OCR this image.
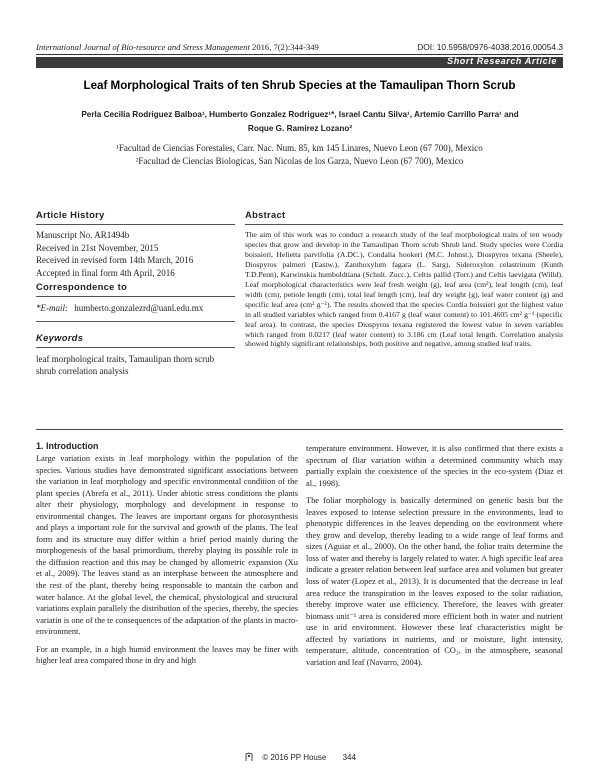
International Journal of Bio-resource and Stress Management 2016, 7(2):344-349	DOI: 10.5958/0976-4038.2016.00054.3
Short Research Article
Leaf Morphological Traits of ten Shrub Species at the Tamaulipan Thorn Scrub
Perla Cecilia Rodriguez Balboa¹, Humberto Gonzalez Rodriguez¹*, Israel Cantu Silva¹, Artemio Carrillo Parra¹ and
Roque G. Ramirez Lozano²
¹Facultad de Ciencias Forestales, Carr. Nac. Num. 85, km 145 Linares, Nuevo Leon (67 700), Mexico
²Facultad de Ciencias Biologicas, San Nicolas de los Garza, Nuevo Leon (67 700), Mexico
Article History
Manuscript No. AR1494b
Received in 21st November, 2015
Received in revised form 14th March, 2016
Accepted in final form 4th April, 2016
Correspondence to
*E-mail: humberto.gonzalezrd@uanl.edu.mx
Keywords
leaf morphological traits, Tamaulipan thorn scrub shrub correlation analysis
Abstract
The aim of this work was to conduct a research study of the leaf morphological traits of ten woody species that grow and develop in the Tamaulipan Thorn scrub Shrub land. Study species were Cordia boissieri, Helietta parvifolia (A.DC.), Condalia hookeri (M.C. Johnst.), Diospyros texana (Sheele), Diospyros palmeri (Eastw.), Zanthoxylum fagara (L. Sarg), Sideroxylon celastrinum (Kunth T.D.Penn), Karwinskia humboldtiana (Schult. Zucc.), Celtis pallid (Torr.) and Celtis laevigata (Willd). Leaf morphological characteristics were leaf fresh weight (g), leaf area (cm²), leaf length (cm), leaf width (cm), petiole length (cm), total leaf length (cm), leaf dry weight (g), leaf water content (g) and specific leaf area (cm² g⁻¹). The results showed that the species Cordia boissieri got the highest value in all studied variables which ranged from 0.4167 g (leaf water content) to 101.4605 cm² g⁻¹ (specific leaf area). In contrast, the species Diospyros texana registered the lowest value in seven variables which ranged from 0.0217 (leaf water content) to 3.186 cm (Leaf total length. Correlation analysis showed highly significant relationships, both positive and negative, among studied leaf traits.
1. Introduction

Large variation exists in leaf morphology within the population of the species. Various studies have demonstrated significant associations between the variation in leaf morphology and specific environmental condition of the plant species (Abrefa et al., 2011). Under abiotic stress conditions the plants alter their physiology, morphology and development in response to environmental changes. The leaves are important organs for photosynthesis and plays a important role for the survival and growth of the plants. The leaf form and its structure may differ within a brief period mainly during the morphogenesis of the basal primordium, thereby playing its possible role in the diffusion reaction and this may be changed by allometric expansion (Xu et al., 2009). The leaves stand as an interphase between the atmosphere and the rest of the plant, thereby being responsable to mantain the carbon and water balance. At the global level, the chemical, physiological and structural variations explain parallely the distribution of the species, thereby, the species variatin is one of the te consequences of the adaptation of the plants in macro-environment.

For an example, in a high humid environment the leaves may be finer with higher leaf area compared those in dry and high

temperature environment. However, it is also confirmed that there exists a spectrum of fliar variation within a determined community which may partially explain the coexistence of the species in the eco-system (Diaz et al., 1998).

The foliar morphology is basically determined on genetic basis but the leaves exposed to intense selection pressure in the environments, lead to phenotypic differences in the leaves depending on the environment where they grow and develop, thereby leading to a wide range of leaf forms and sizes (Aguiar et al., 2000). On the other hand, the foliar traits determine the loss of water and thereby is largely related to water. A high specific leaf area indicate a greater relation between leaf surface area and volumen but greater loss of water (Lopez et al., 2013). It is documented that the decrease in leaf area reduce the transpiration in the leaves exposed to the solar radiation, thereby improve water use efficiency. Therefore, the leaves with greater biomass unit⁻¹ area is considered more efficient both in water and nutrient use in arid environment. However these leaf characteristics might be affected by variations in nutrients, and or moisture, light intensity, temperature, altitude, concentration of CO₂, in the atmosphere, seasonal variation and leaf (Navarro, 2004).

© 2016 PP House 344
